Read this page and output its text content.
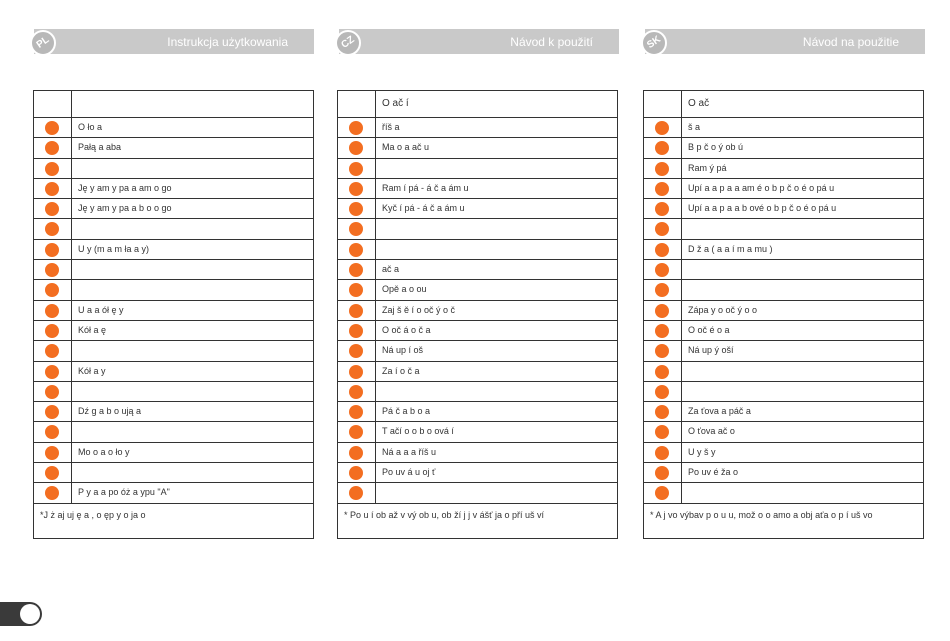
Instrukcja użytkowania
PL	Návod k použití
CZ	Návod na použitie
SK
O ło a
Pałą a aba
Ję y am y pa a am o go
Ję y am y pa a b o o go
U y (m a m ła a y)
U a a ół ę y
Kół a ę
Kół a y
Dź g a b o ują a
Mo o a o ło y
P y a a po óż a ypu "A"
*J ż aj uj ę a , o ęp y o ja o
O ač í
říš a
Ma o a ač u
Ram í pá - á č a ám u
Kyč í pá - á č a ám u
ač a
Opě a o ou
Zaj š ě í o oč ý o č
O oč á o č a
Ná up í oš
Za í o č a
Pá č a b o a
T ačí o o b o ová í
Ná a a a říš u
Po uv á u oj ť
* Po u í ob až v vý ob u, ob ží j j v ášť ja o pří uš ví
O ač
š a
B p č o ý ob ú
Ram ý pá
Upí a a p a a am é o b p č o é o pá u
Upí a a p a a b ové o b p č o é o pá u
D ž a ( a a í m a mu )
Zápa y o oč ý o o
O oč é o a
Ná up ý oší
Za ťova a páč a
O ťova ač o
U y š y
Po uv é ža o
* A j vo výbav p o u u, mož o o amo a obj aťa o p í uš vo
